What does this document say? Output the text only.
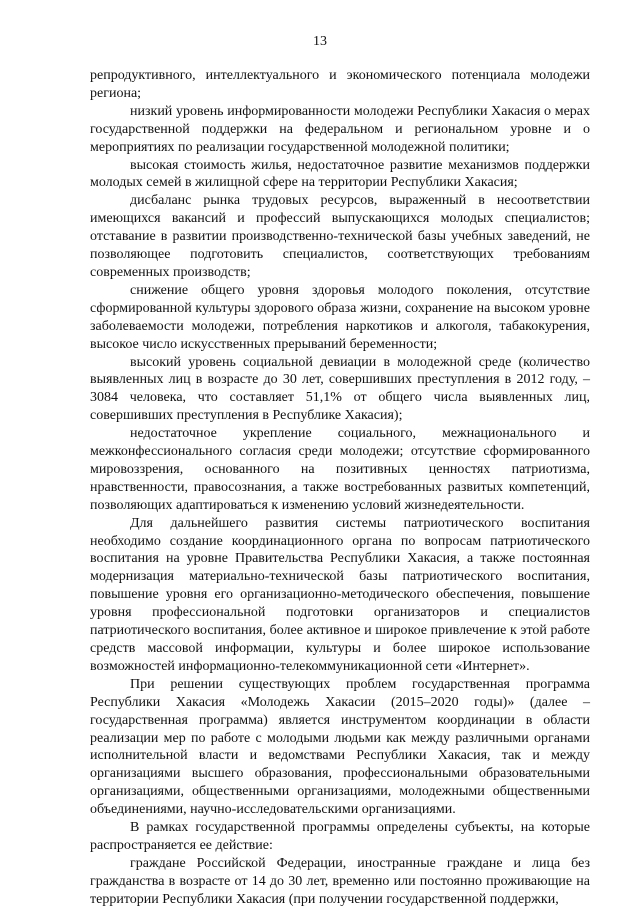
13

репродуктивного, интеллектуального и экономического потенциала молодежи региона;

низкий уровень информированности молодежи Республики Хакасия о мерах государственной поддержки на федеральном и региональном уровне и о мероприятиях по реализации государственной молодежной политики;

высокая стоимость жилья, недостаточное развитие механизмов поддержки молодых семей в жилищной сфере на территории Республики Хакасия;

дисбаланс рынка трудовых ресурсов, выраженный в несоответствии имеющихся вакансий и профессий выпускающихся молодых специалистов; отставание в развитии производственно-технической базы учебных заведений, не позволяющее подготовить специалистов, соответствующих требованиям современных производств;

снижение общего уровня здоровья молодого поколения, отсутствие сформированной культуры здорового образа жизни, сохранение на высоком уровне заболеваемости молодежи, потребления наркотиков и алкоголя, табакокурения, высокое число искусственных прерываний беременности;

высокий уровень социальной девиации в молодежной среде (количество выявленных лиц в возрасте до 30 лет, совершивших преступления в 2012 году, – 3084 человека, что составляет 51,1% от общего числа выявленных лиц, совершивших преступления в Республике Хакасия);

недостаточное укрепление социального, межнационального и межконфессионального согласия среди молодежи; отсутствие сформированного мировоззрения, основанного на позитивных ценностях патриотизма, нравственности, правосознания, а также востребованных развитых компетенций, позволяющих адаптироваться к изменению условий жизнедеятельности.

Для дальнейшего развития системы патриотического воспитания необходимо создание координационного органа по вопросам патриотического воспитания на уровне Правительства Республики Хакасия, а также постоянная модернизация материально-технической базы патриотического воспитания, повышение уровня его организационно-методического обеспечения, повышение уровня профессиональной подготовки организаторов и специалистов патриотического воспитания, более активное и широкое привлечение к этой работе средств массовой информации, культуры и более широкое использование возможностей информационно-телекоммуникационной сети «Интернет».

При решении существующих проблем государственная программа Республики Хакасия «Молодежь Хакасии (2015–2020 годы)» (далее – государственная программа) является инструментом координации в области реализации мер по работе с молодыми людьми как между различными органами исполнительной власти и ведомствами Республики Хакасия, так и между организациями высшего образования, профессиональными образовательными организациями, общественными организациями, молодежными общественными объединениями, научно-исследовательскими организациями.

В рамках государственной программы определены субъекты, на которые распространяется ее действие:

граждане Российской Федерации, иностранные граждане и лица без гражданства в возрасте от 14 до 30 лет, временно или постоянно проживающие на территории Республики Хакасия (при получении государственной поддержки,
